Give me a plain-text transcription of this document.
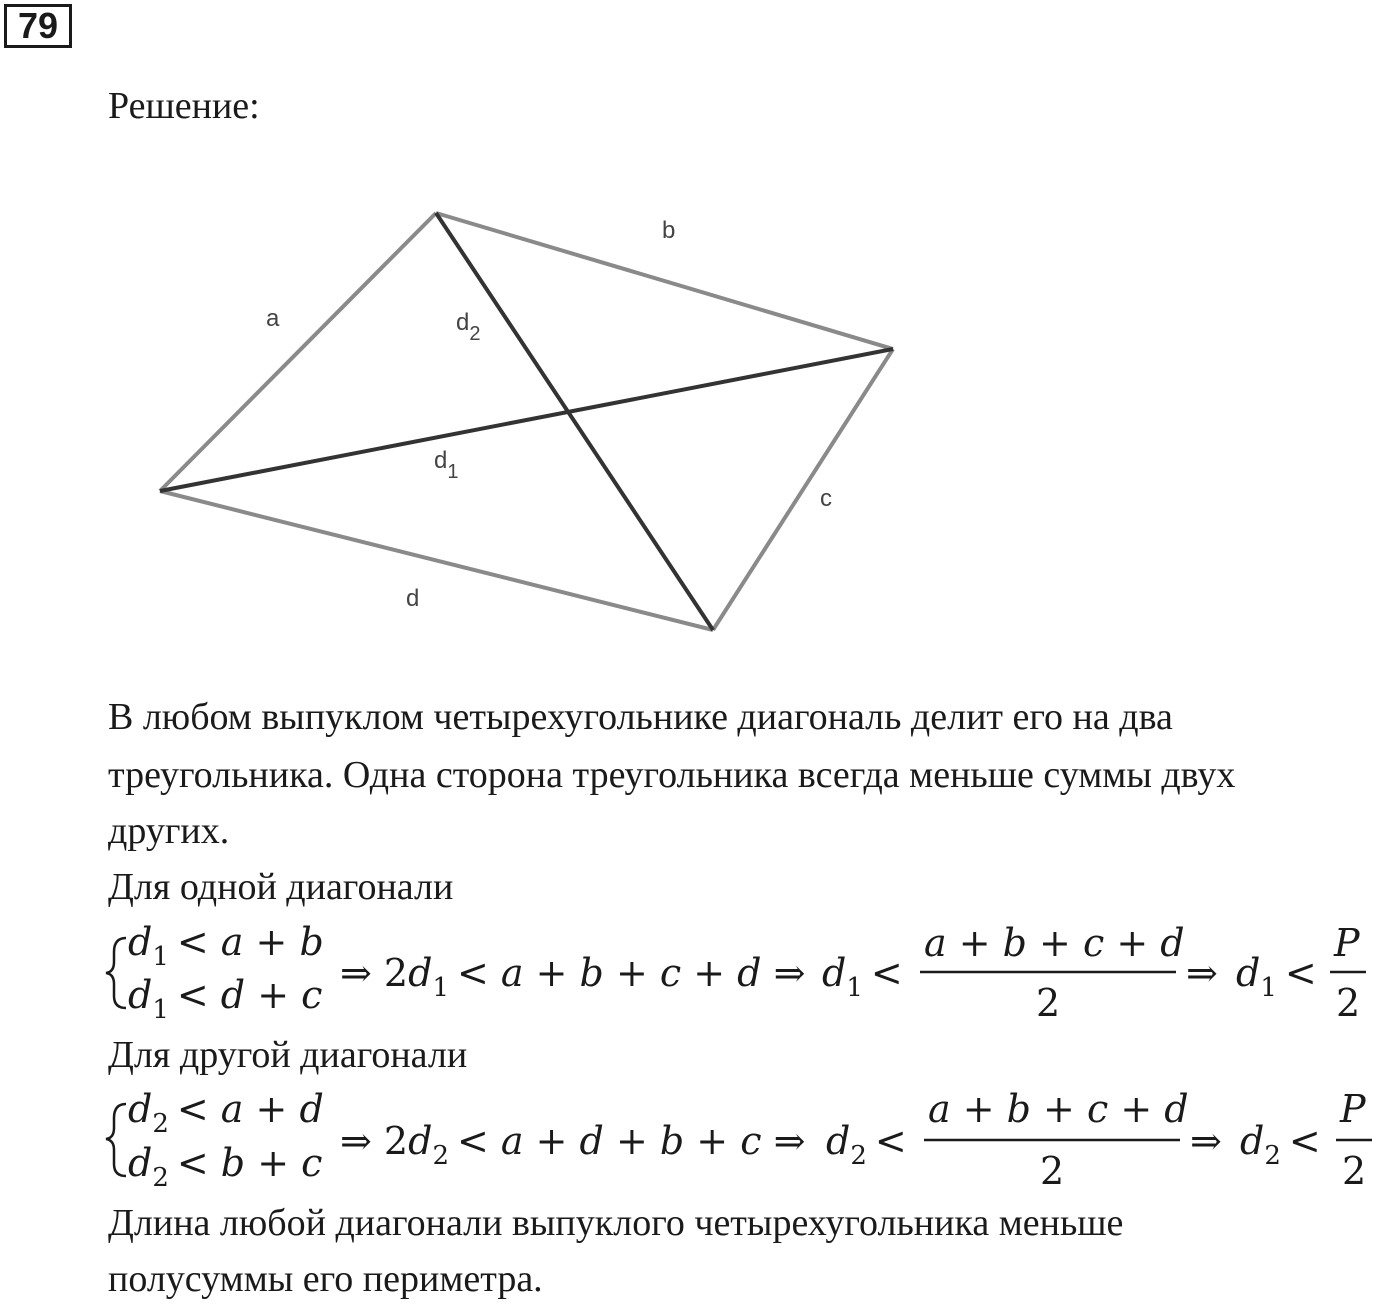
79
Решение:
a
b
c
d
$d_2$
$d_1$
$d_1 < a + b$
$d_1 < d + c$ ⇒ $2d_1 < a + b + c + d$ ⇒ $d_1$ <
a + b + c + d
2
⇒ $d_1$ <
P
2
$d_2 < a + d$
$d_2 < b + c$ ⇒ $2d_2 < a + d + b + c$ ⇒ $d_2$ <
a + b + c + d
2
⇒ $d_2$ <
P
2
В любом выпуклом четырехугольнике диагональ делит его на два
треугольника. Одна сторона треугольника всегда меньше суммы двух
других.
Для одной диагонали
Для другой диагонали
Длина любой диагонали выпуклого четырехугольника меньше
полусуммы его периметра.
